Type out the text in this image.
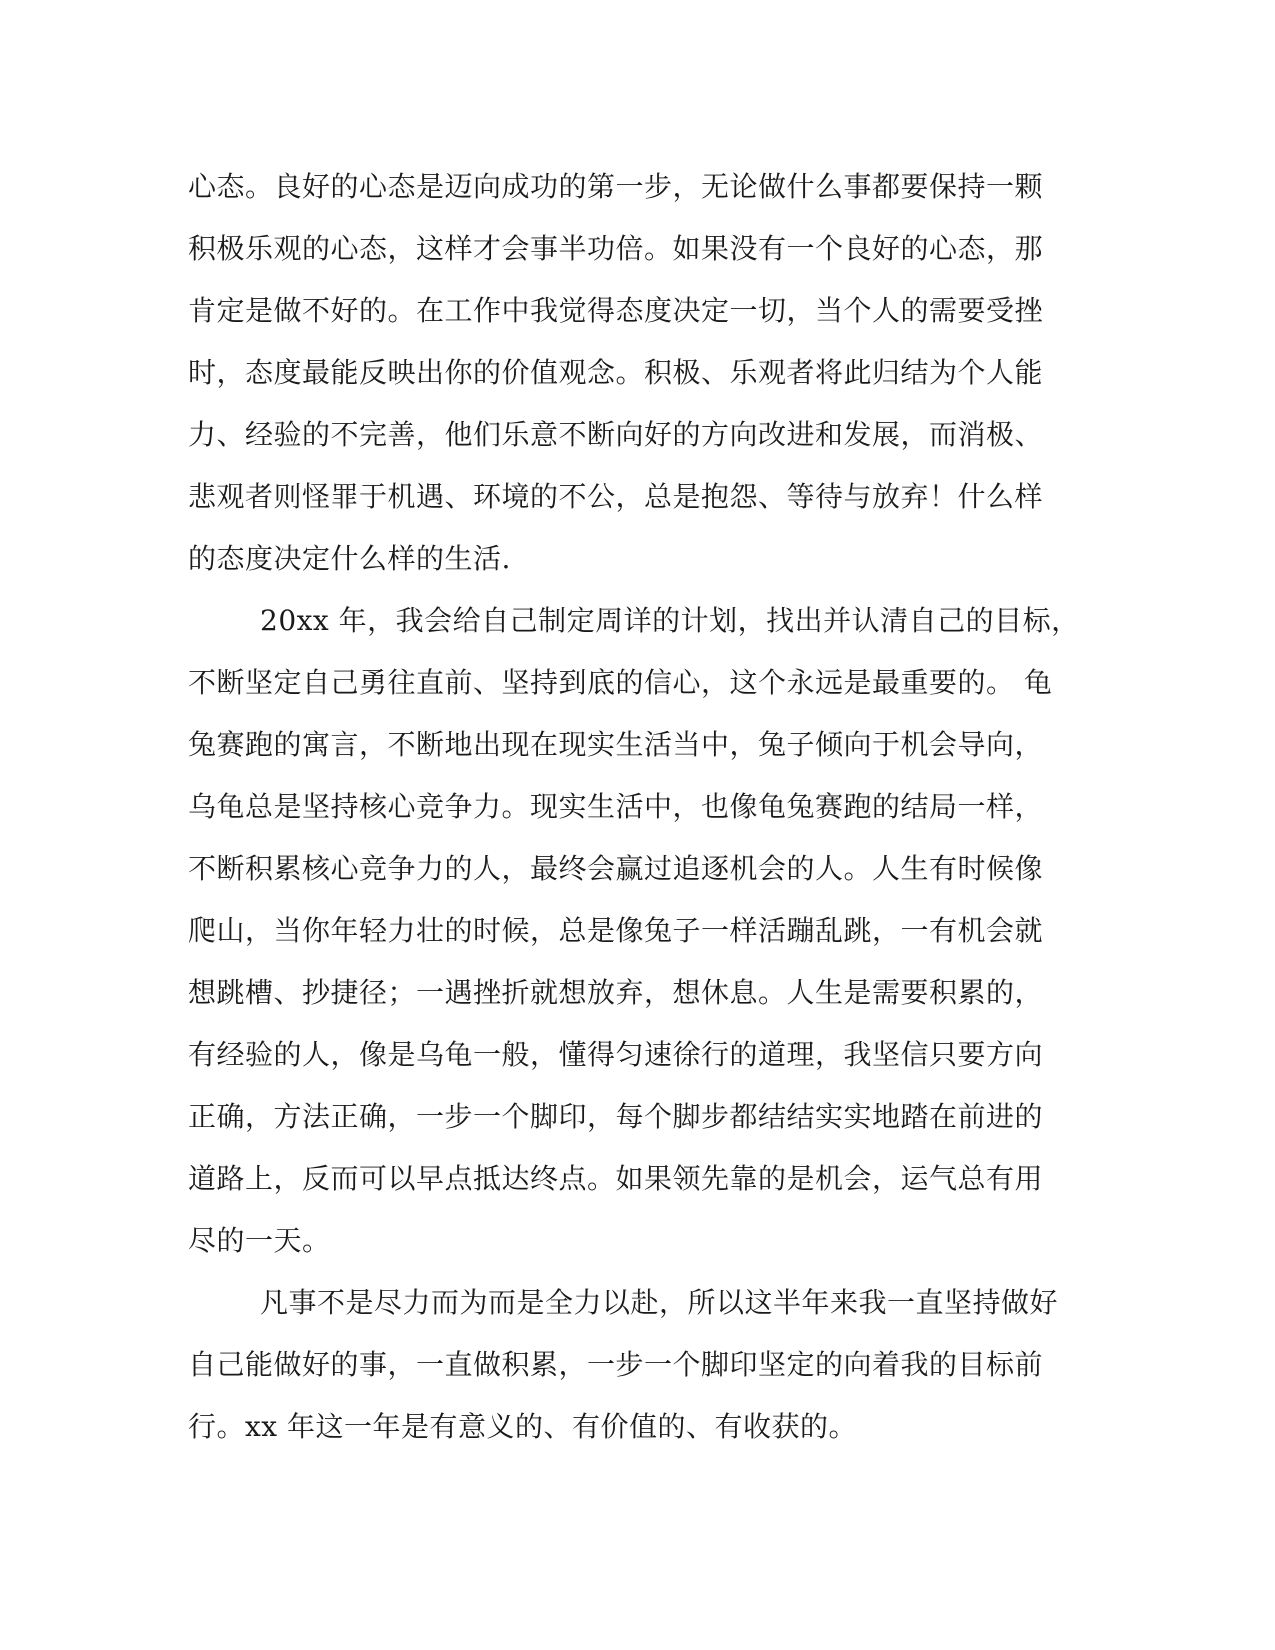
心态。良好的心态是迈向成功的第一步，无论做什么事都要保持一颗
积极乐观的心态，这样才会事半功倍。如果没有一个良好的心态，那
肯定是做不好的。在工作中我觉得态度决定一切，当个人的需要受挫
时，态度最能反映出你的价值观念。积极、乐观者将此归结为个人能
力、经验的不完善，他们乐意不断向好的方向改进和发展，而消极、
悲观者则怪罪于机遇、环境的不公，总是抱怨、等待与放弃！什么样
的态度决定什么样的生活.
20xx 年，我会给自己制定周详的计划，找出并认清自己的目标，
不断坚定自己勇往直前、坚持到底的信心，这个永远是最重要的。 龟
兔赛跑的寓言，不断地出现在现实生活当中，兔子倾向于机会导向，
乌龟总是坚持核心竞争力。现实生活中，也像龟兔赛跑的结局一样，
不断积累核心竞争力的人，最终会赢过追逐机会的人。人生有时候像
爬山，当你年轻力壮的时候，总是像兔子一样活蹦乱跳，一有机会就
想跳槽、抄捷径；一遇挫折就想放弃，想休息。人生是需要积累的，
有经验的人，像是乌龟一般，懂得匀速徐行的道理，我坚信只要方向
正确，方法正确，一步一个脚印，每个脚步都结结实实地踏在前进的
道路上，反而可以早点抵达终点。如果领先靠的是机会，运气总有用
尽的一天。
凡事不是尽力而为而是全力以赴，所以这半年来我一直坚持做好
自己能做好的事，一直做积累，一步一个脚印坚定的向着我的目标前
行。xx 年这一年是有意义的、有价值的、有收获的。
